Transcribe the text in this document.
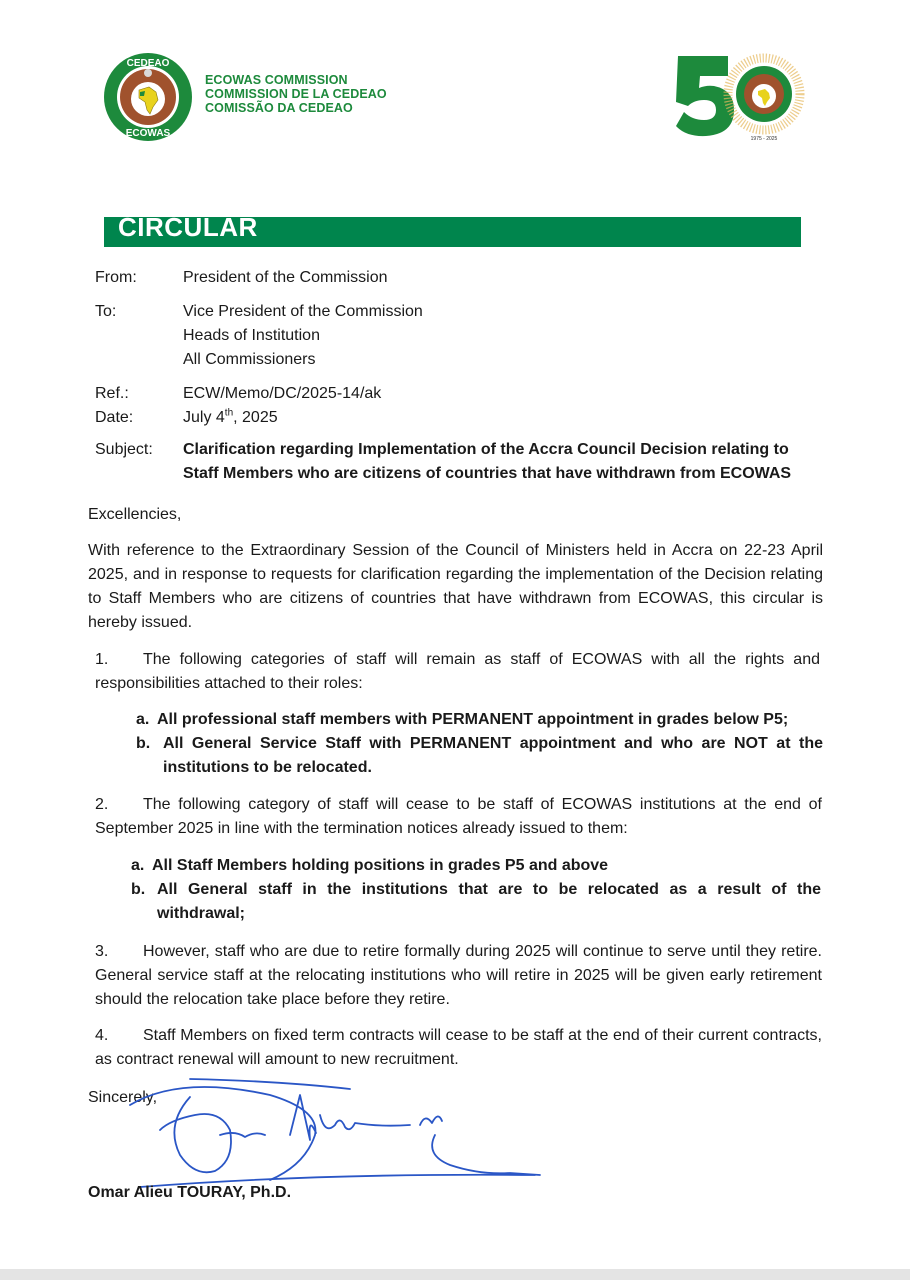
CEDEAO
ECOWAS
ECOWAS COMMISSION
COMMISSION DE LA CEDEAO
COMISSÃO DA CEDEAO
1975 - 2025
CIRCULAR
From:	President of the Commission
To:	Vice President of the Commission
Heads of Institution
All Commissioners
Ref.:	ECW/Memo/DC/2025-14/ak
Date:	July 4th, 2025
Subject:	Clarification regarding Implementation of the Accra Council Decision relating to
Staff Members who are citizens of countries that have withdrawn from ECOWAS
Excellencies,
With reference to the Extraordinary Session of the Council of Ministers held in Accra on 22-23 April 2025, and in response to requests for clarification regarding the implementation of the Decision relating to Staff Members who are citizens of countries that have withdrawn from ECOWAS, this circular is hereby issued.
1. The following categories of staff will remain as staff of ECOWAS with all the rights and responsibilities attached to their roles:
a. All professional staff members with PERMANENT appointment in grades below P5;
b. All General Service Staff with PERMANENT appointment and who are NOT at the institutions to be relocated.
2. The following category of staff will cease to be staff of ECOWAS institutions at the end of September 2025 in line with the termination notices already issued to them:
a. All Staff Members holding positions in grades P5 and above
b. All General staff in the institutions that are to be relocated as a result of the withdrawal;
3. However, staff who are due to retire formally during 2025 will continue to serve until they retire. General service staff at the relocating institutions who will retire in 2025 will be given early retirement should the relocation take place before they retire.
4. Staff Members on fixed term contracts will cease to be staff at the end of their current contracts, as contract renewal will amount to new recruitment.
Sincerely,
Omar Alieu TOURAY, Ph.D.
